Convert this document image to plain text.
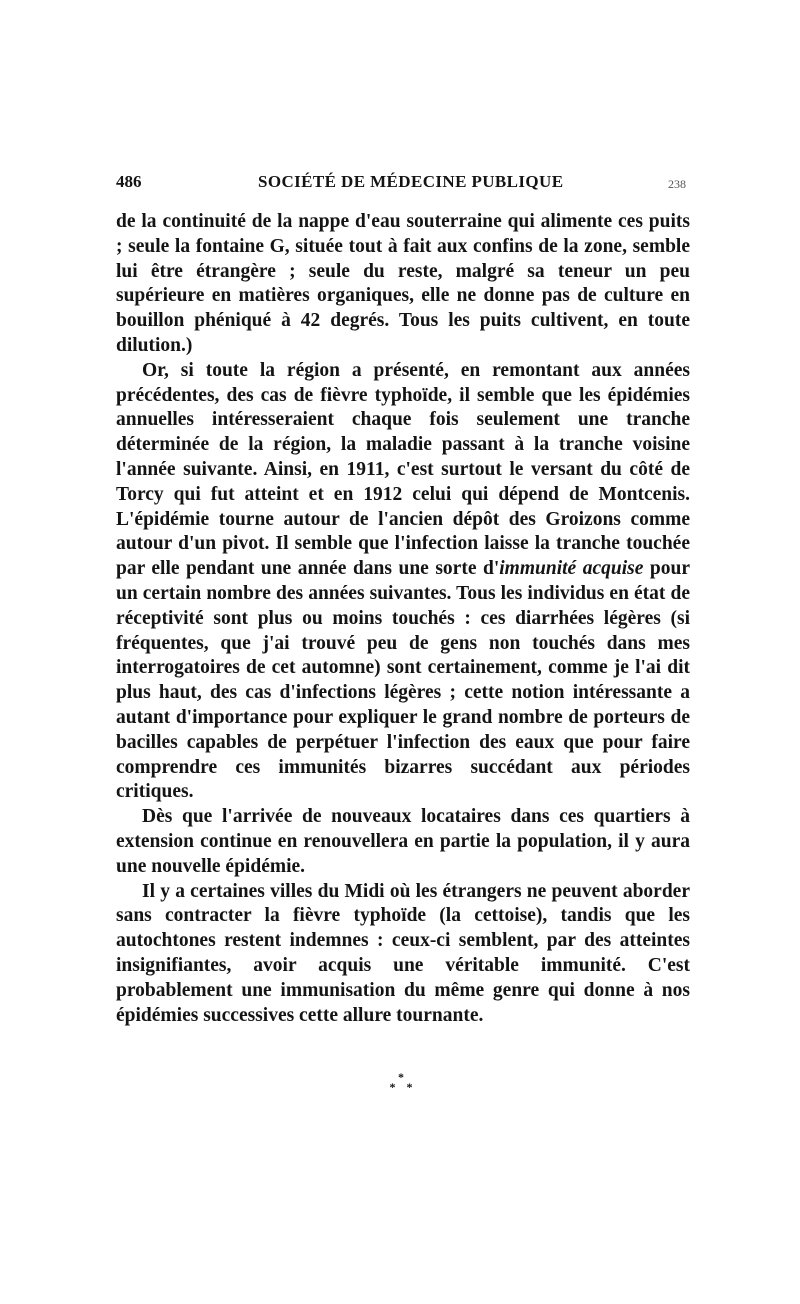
486	SOCIÉTÉ DE MÉDECINE PUBLIQUE	238

de la continuité de la nappe d'eau souterraine qui alimente ces puits ; seule la fontaine G, située tout à fait aux confins de la zone, semble lui être étrangère ; seule du reste, malgré sa teneur un peu supérieure en matières organiques, elle ne donne pas de culture en bouillon phéniqué à 42 degrés. Tous les puits cultivent, en toute dilution.)

Or, si toute la région a présenté, en remontant aux années précédentes, des cas de fièvre typhoïde, il semble que les épidémies annuelles intéresseraient chaque fois seulement une tranche déterminée de la région, la maladie passant à la tranche voisine l'année suivante. Ainsi, en 1911, c'est surtout le versant du côté de Torcy qui fut atteint et en 1912 celui qui dépend de Montcenis. L'épidémie tourne autour de l'ancien dépôt des Groizons comme autour d'un pivot. Il semble que l'infection laisse la tranche touchée par elle pendant une année dans une sorte d'immunité acquise pour un certain nombre des années suivantes. Tous les individus en état de réceptivité sont plus ou moins touchés : ces diarrhées légères (si fréquentes, que j'ai trouvé peu de gens non touchés dans mes interrogatoires de cet automne) sont certainement, comme je l'ai dit plus haut, des cas d'infections légères ; cette notion intéressante a autant d'importance pour expliquer le grand nombre de porteurs de bacilles capables de perpétuer l'infection des eaux que pour faire comprendre ces immunités bizarres succédant aux périodes critiques.

Dès que l'arrivée de nouveaux locataires dans ces quartiers à extension continue en renouvellera en partie la population, il y aura une nouvelle épidémie.

Il y a certaines villes du Midi où les étrangers ne peuvent aborder sans contracter la fièvre typhoïde (la cettoise), tandis que les autochtones restent indemnes : ceux-ci semblent, par des atteintes insignifiantes, avoir acquis une véritable immunité. C'est probablement une immunisation du même genre qui donne à nos épidémies successives cette allure tournante.

*
* *
